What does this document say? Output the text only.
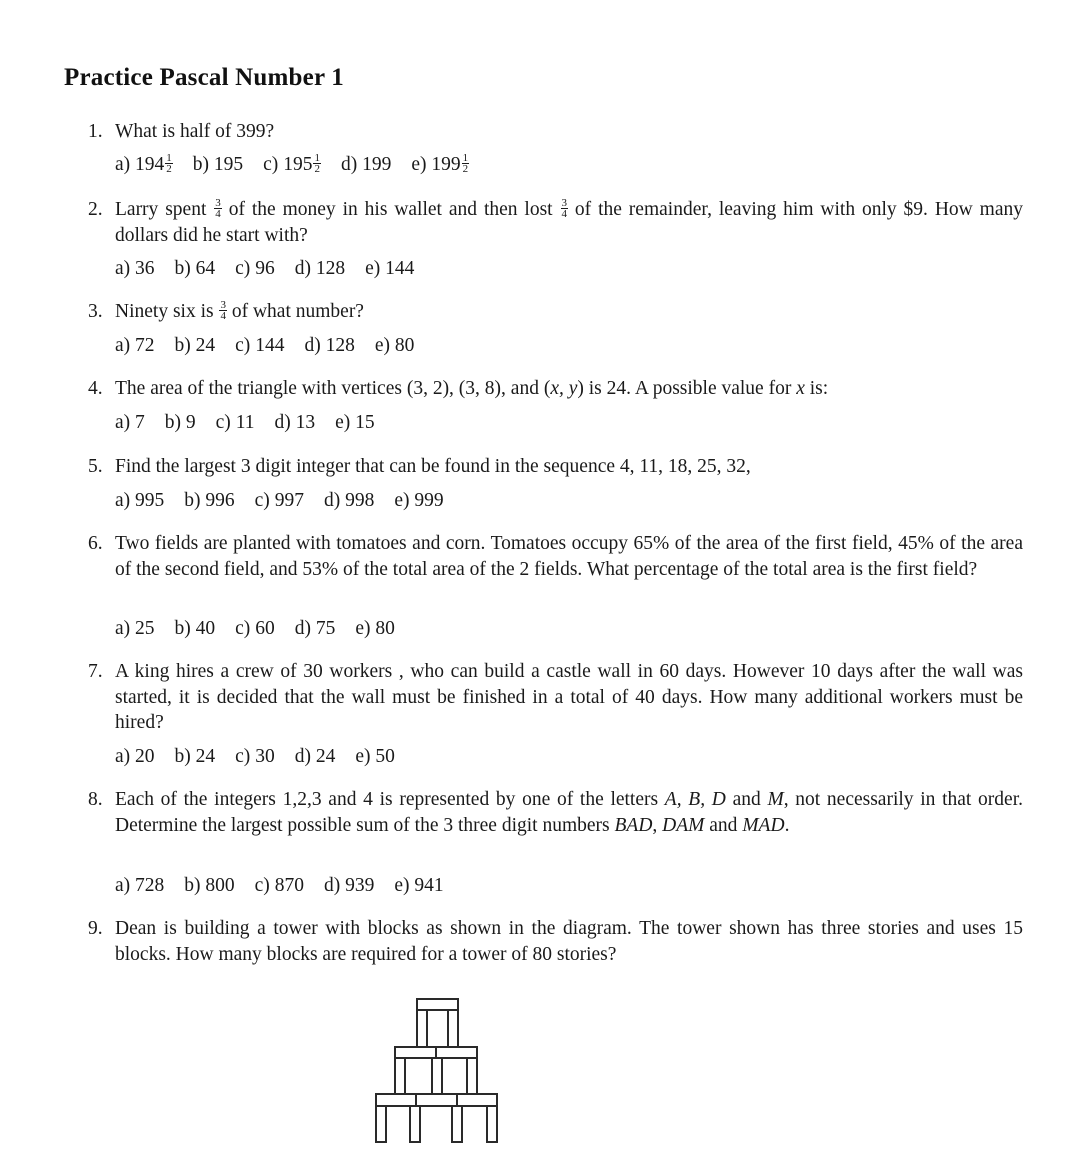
Practice Pascal Number 1
1. What is half of 399?
a) $194 \frac{1}{2} b$) 195 c) $195 \frac{1}{2} d$) 199 e) $199 \frac{1}{2}$
2. Larry spent $\frac{3}{4}$ of the money in his wallet and then lost $\frac{3}{4}$ of the remainder, leaving him with only $9. How many dollars did he start with?
a) 36 b) 64 c) 96 d) 128 e) 144
3. Ninety six is $\frac{3}{4}$ of what number?
a) 72 b) 24 c) 144 d) 128 e) 80
4. The area of the triangle with vertices (3, 2), (3, 8), and (x, y) is 24. A possible value for x is:
a) 7 b) 9 c) 11 d) 13 e) 15
5. Find the largest 3 digit integer that can be found in the sequence 4, 11, 18, 25, 32,
a) 995 b) 996 c) 997 d) 998 e) 999
6. Two fields are planted with tomatoes and corn. Tomatoes occupy 65% of the area of the first field, 45% of the area of the second field, and 53% of the total area of the 2 fields. What percentage of the total area is the first field?
a) 25 b) 40 c) 60 d) 75 e) 80
7. A king hires a crew of 30 workers , who can build a castle wall in 60 days. However 10 days after the wall was started, it is decided that the wall must be finished in a total of 40 days. How many additional workers must be hired?
a) 20 b) 24 c) 30 d) 24 e) 50
8. Each of the integers 1,2,3 and 4 is represented by one of the letters A, B, D and M, not necessarily in that order. Determine the largest possible sum of the 3 three digit numbers BAD, DAM and MAD.
a) 728 b) 800 c) 870 d) 939 e) 941
9. Dean is building a tower with blocks as shown in the diagram. The tower shown has three stories and uses 15 blocks. How many blocks are required for a tower of 80 stories?
